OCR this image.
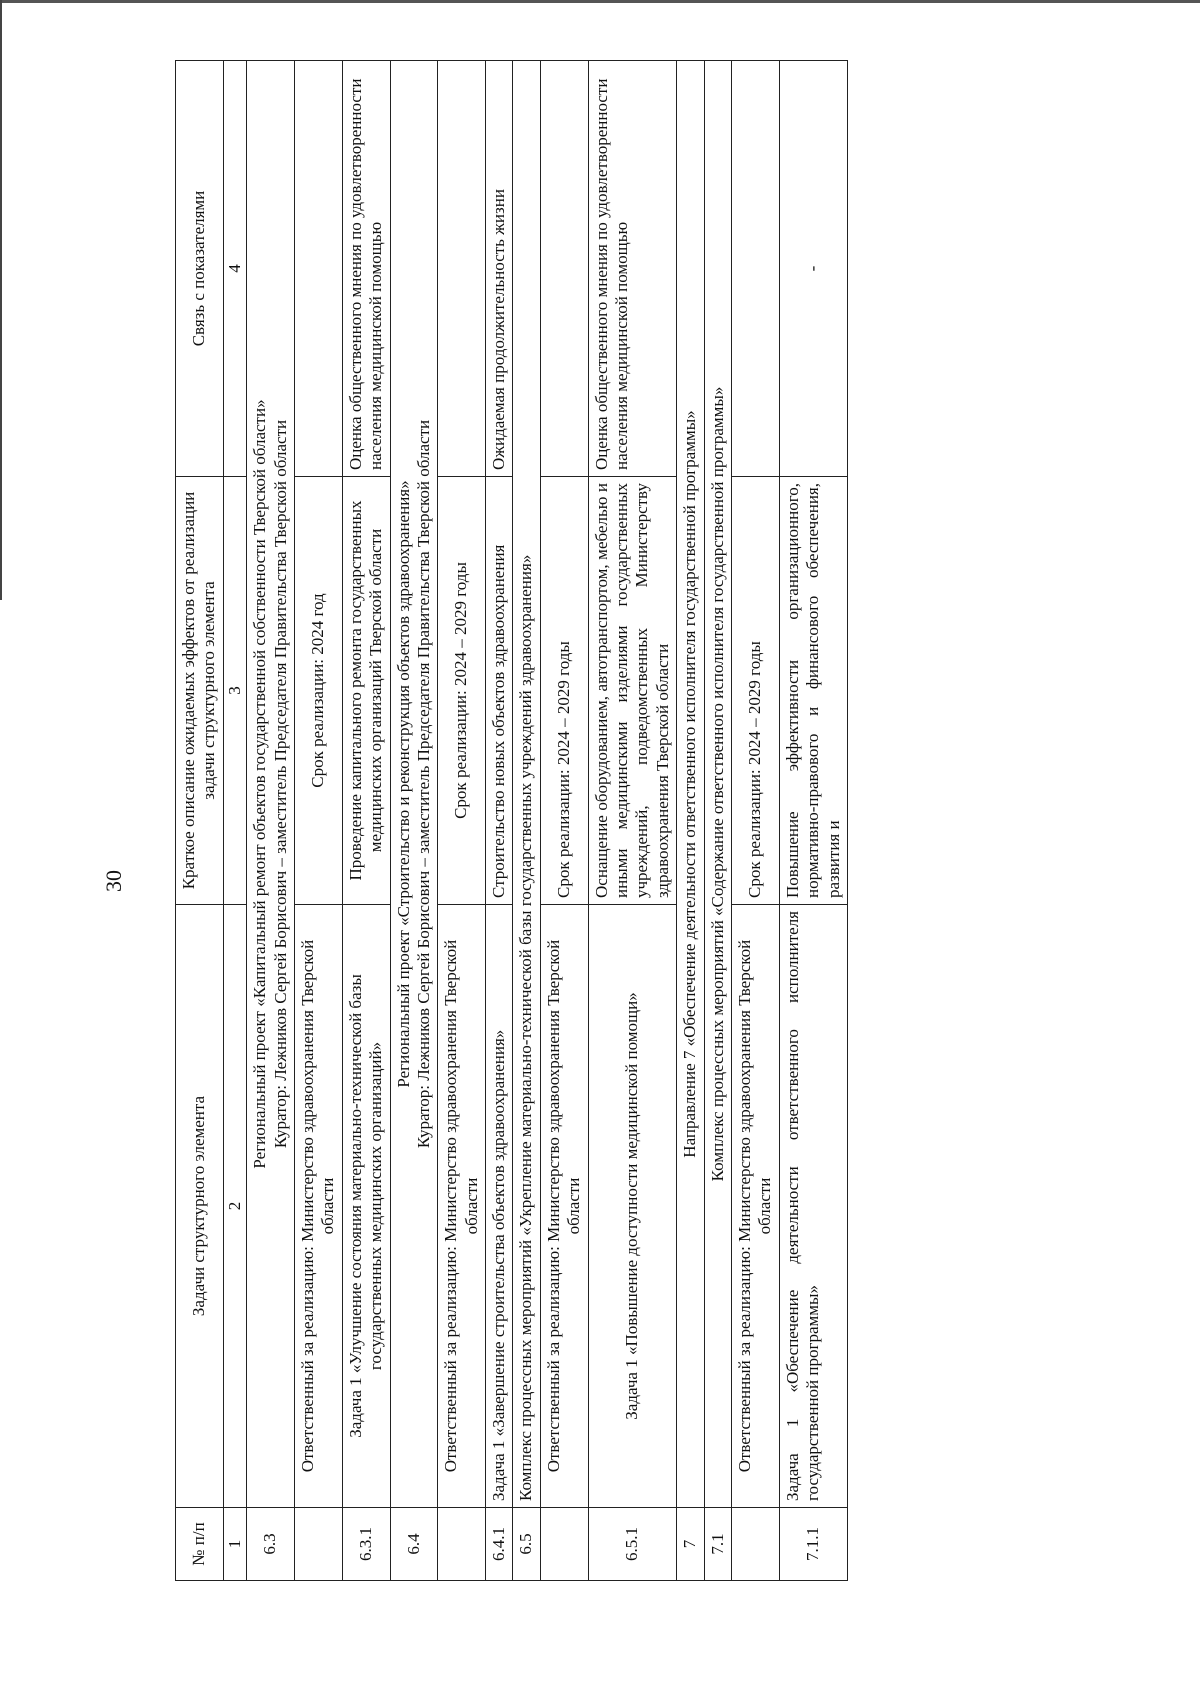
30
№ п/п	Задачи структурного элемента	Краткое описание ожидаемых эффектов от реализации задачи структурного элемента	Связь с показателями
1	2	3	4
6.3	Региональный проект «Капитальный ремонт объектов государственной собственности Тверской области» Куратор: Лежников Сергей Борисович – заместитель Председателя Правительства Тверской области		

	Ответственный за реализацию: Министерство здравоохранения Тверской области	Срок реализации: 2024 год	
6.3.1	Задача 1 «Улучшение состояния материально-технической базы государственных медицинских организаций»	Проведение капитального ремонта государственных медицинских организаций Тверской области	Оценка общественного мнения по удовлетворенности населения медицинской помощью
6.4	Региональный проект «Строительство и реконструкция объектов здравоохранения» Куратор: Лежников Сергей Борисович – заместитель Председателя Правительства Тверской области		

	Ответственный за реализацию: Министерство здравоохранения Тверской области	Срок реализации: 2024 – 2029 годы	
6.4.1	Задача 1 «Завершение строительства объектов здравоохранения»	Строительство новых объектов здравоохранения	Ожидаемая продолжительность жизни
6.5	Комплекс процессных мероприятий «Укрепление материально-технической базы государственных учреждений здравоохранения»		
	Ответственный за реализацию: Министерство здравоохранения Тверской области	Срок реализации: 2024 – 2029 годы	
6.5.1	Задача 1 «Повышение доступности медицинской помощи»	Оснащение оборудованием, автотранспортом, мебелью и иными медицинскими изделиями государственных учреждений, подведомственных Министерству здравоохранения Тверской области	Оценка общественного мнения по удовлетворенности населения медицинской помощью
7	Направление 7 «Обеспечение деятельности ответственного исполнителя государственной программы»		
7.1	Комплекс процессных мероприятий «Содержание ответственного исполнителя государственной программы»		
	Ответственный за реализацию: Министерство здравоохранения Тверской области	Срок реализации: 2024 – 2029 годы	
7.1.1	Задача 1 «Обеспечение деятельности ответственного исполнителя государственной программы»	Повышение эффективности организационного, нормативно-правового и финансового обеспечения, развития и	-
